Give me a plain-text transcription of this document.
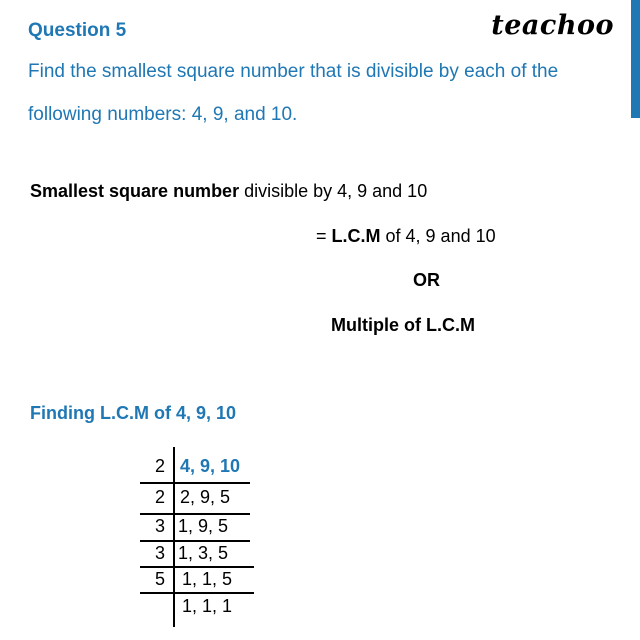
Question 5	teachoo
Find the smallest square number that is divisible by each of the
following numbers: 4, 9, and 10.
Smallest square number divisible by 4, 9 and 10
= L.C.M of 4, 9 and 10
OR
Multiple of L.C.M
Finding L.C.M of 4, 9, 10
2 4, 9, 10
2 2, 9, 5
3 1, 9, 5
3 1, 3, 5
5 1, 1, 5
1, 1, 1
